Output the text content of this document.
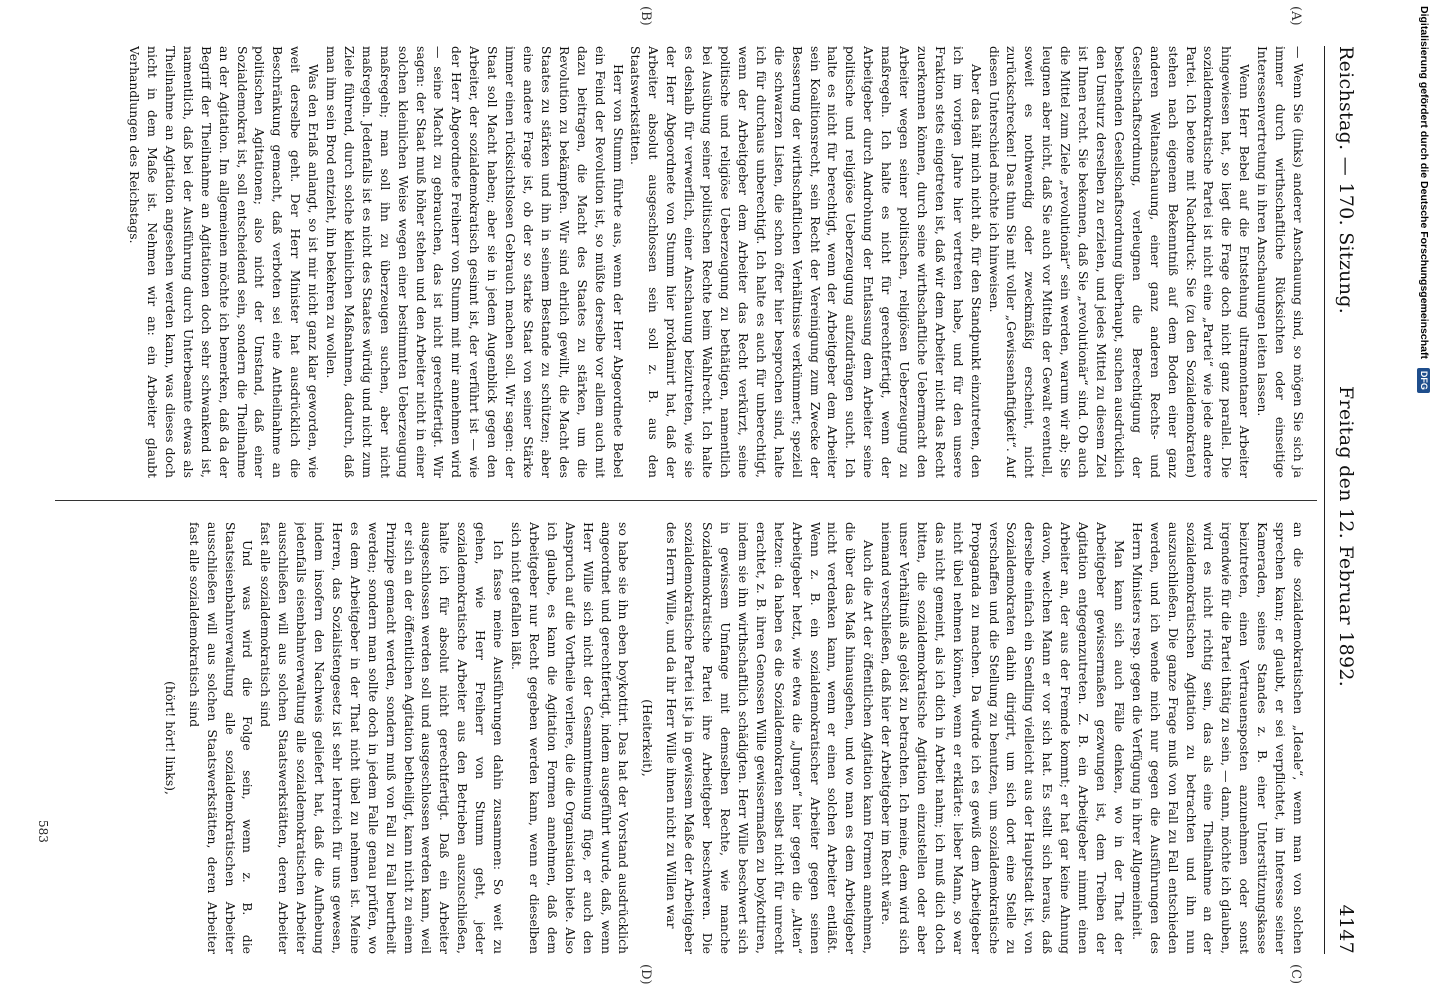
Reichstag. — 170. Sitzung.
Freitag den 12. Februar 1892.
4147
(A)
(B)
(C)
(D)

— Wenn Sie (links) anderer Anschauung sind, so mögen Sie sich ja immer durch wirthschaftliche Rücksichten oder einseitige Interessenvertretung in ihren Anschauungen leiten lassen.

Wenn Herr Bebel auf die Entstehung ultramontaner Arbeiter hingewiesen hat, so liegt die Frage doch nicht ganz parallel. Die sozialdemokratische Partei ist nicht eine „Partei“ wie jede andere Partei. Ich betone mit Nachdruck: Sie (zu den Sozialdemokraten) stehen nach eigenem Bekenntniß auf dem Boden einer ganz anderen Weltanschauung, einer ganz anderen Rechts- und Gesellschaftsordnung, verleugnen die Berechtigung der bestehenden Gesellschaftsordnung überhaupt, suchen ausdrücklich den Umsturz derselben zu erzielen, und jedes Mittel zu diesem Ziel ist Ihnen recht. Sie bekennen, daß Sie „revolutionär“ sind. Ob auch die Mittel zum Ziele „revolutionär“ sein werden, warum wir ab; Sie leugnen aber nicht, daß Sie auch vor Mitteln der Gewalt eventuell, soweit es nothwendig oder zweckmäßig erscheint, nicht zurückschrecken! Das thun Sie mit voller „Gewissenhaftigkeit“. Auf diesen Unterschied möchte ich hinweisen.

Aber das hält mich nicht ab, für den Standpunkt einzutreten, den ich im vorigen Jahre hier vertreten habe, und für den unsere Fraktion stets eingetreten ist, daß wir dem Arbeiter nicht das Recht zuerkennen können, durch seine wirthschaftliche Uebermacht den Arbeiter wegen seiner politischen, religiösen Ueberzeugung zu maßregeln. Ich halte es nicht für gerechtfertigt, wenn der Arbeitgeber durch Androhung der Entlassung dem Arbeiter seine politische und religiöse Ueberzeugung aufzudrängen sucht. Ich halte es nicht für berechtigt, wenn der Arbeitgeber dem Arbeiter sein Koalitionsrecht, sein Recht der Vereinigung zum Zwecke der Besserung der wirthschaftlichen Verhältnisse verkümmert; speziell die schwarzen Listen, die schon öfter hier besprochen sind, halte ich für durchaus unberechtigt. Ich halte es auch für unberechtigt, wenn der Arbeitgeber dem Arbeiter das Recht verkürzt, seine politische und religiöse Ueberzeugung zu bethätigen, namentlich bei Ausübung seiner politischen Rechte beim Wahlrecht. Ich halte es deshalb für verwerflich, einer Anschauung beizutreten, wie sie der Herr Abgeordnete von Stumm hier proklamirt hat, daß der Arbeiter absolut ausgeschlossen sein soll z. B. aus den Staatswerkstätten.

Herr von Stumm führte aus, wenn der Herr Abgeordnete Bebel ein Feind der Revolution ist, so müßte derselbe vor allem auch mit dazu beitragen, die Macht des Staates zu stärken, um die Revolution zu bekämpfen. Wir sind ehrlich gewillt, die Macht des Staates zu stärken und ihn in seinem Bestande zu schützen; aber eine andere Frage ist, ob der so starke Staat von seiner Stärke immer einen rücksichtslosen Gebrauch machen soll. Wir sagen: der Staat soll Macht haben; aber sie in jedem Augenblick gegen den Arbeiter, der sozialdemokratisch gesinnt ist, der verführt ist — wie der Herr Abgeordnete Freiherr von Stumm mit mir annehmen wird — seine Macht zu gebrauchen, das ist nicht gerechtfertigt. Wir sagen: der Staat muß höher stehen und den Arbeiter nicht in einer solchen kleinlichen Weise wegen einer bestimmten Ueberzeugung maßregeln; man soll ihn zu überzeugen suchen, aber nicht maßregeln. Jedenfalls ist es nicht des Staates würdig und nicht zum Ziele führend, durch solche kleinlichen Maßnahmen, dadurch, daß man ihm sein Brod entzieht, ihn bekehren zu wollen.

Was den Erlaß anlangt, so ist mir nicht ganz klar geworden, wie weit derselbe geht. Der Herr Minister hat ausdrücklich die Beschränkung gemacht, daß verboten sei eine Antheilnahme an politischen Agitationen; also nicht der Umstand, daß einer Sozialdemokrat ist, soll entscheidend sein, sondern die Theilnahme an der Agitation. Im allgemeinen möchte ich bemerken, daß da der Begriff der Theilnahme an Agitationen doch sehr schwankend ist, namentlich, daß bei der Ausführung durch Unterbeamte etwas als Theilnahme an Agitation angesehen werden kann, was dieses doch nicht in dem Maße ist. Nehmen wir an: ein Arbeiter glaubt Verhandlungen des Reichstags.

an die sozialdemokratischen „Ideale“, wenn man von solchen sprechen kann; er glaubt, er sei verpflichtet, im Interesse seiner Kameraden, seines Standes z. B. einer Unterstützungskasse beizutreten, einen Vertrauensposten anzunehmen oder sonst irgendwie für die Partei thätig zu sein, — dann, möchte ich glauben, wird es nicht richtig sein, das als eine Theilnahme an der sozialdemokratischen Agitation zu betrachten und ihn nun auszuschließen. Die ganze Frage muß von Fall zu Fall entschieden werden, und ich wende mich nur gegen die Ausführungen des Herrn Ministers resp. gegen die Verfügung in ihrer Allgemeinheit.

Man kann sich auch Fälle denken, wo in der That der Arbeitgeber gewissermaßen gezwungen ist, dem Treiben der Agitation entgegenzutreten. Z. B. ein Arbeitgeber nimmt einen Arbeiter an, der aus der Fremde kommt; er hat gar keine Ahnung davon, welchen Mann er vor sich hat. Es stellt sich heraus, daß derselbe einfach ein Sendling vielleicht aus der Hauptstadt ist, von Sozialdemokraten dahin dirigirt, um sich dort eine Stelle zu verschaffen und die Stellung zu benutzen, um sozialdemokratische Propaganda zu machen. Da würde ich es gewiß dem Arbeitgeber nicht übel nehmen können, wenn er erklärte: lieber Mann, so war das nicht gemeint, als ich dich in Arbeit nahm; ich muß dich doch bitten, die sozialdemokratische Agitation einzustellen oder aber unser Verhältniß als gelöst zu betrachten. Ich meine, dem wird sich niemand verschließen, daß hier der Arbeitgeber im Recht wäre.

Auch die Art der öffentlichen Agitation kann Formen annehmen, die über das Maß hinausgehen, und wo man es dem Arbeitgeber nicht verdenken kann, wenn er einen solchen Arbeiter entläßt. Wenn z. B. ein sozialdemokratischer Arbeiter gegen seinen Arbeitgeber hetzt, wie etwa die „Jungen“ hier gegen die „Alten“ hetzen: da haben es die Sozialdemokraten selbst nicht für unrecht erachtet, z. B. ihren Genossen Wille gewissermaßen zu boykottiren, indem sie ihn wirthschaftlich schädigten. Herr Wille beschwert sich in gewissem Umfange mit demselben Rechte, wie manche Sozialdemokratische Partei ihre Arbeitgeber beschweren. Die sozialdemokratische Partei ist ja in gewissem Maße der Arbeitgeber des Herrn Wille, und da ihr Herr Wille ihnen nicht zu Willen war

(Heiterkeit),

so habe sie ihn eben boykottirt. Das hat der Vorstand ausdrücklich angeordnet und gerechtfertigt, indem ausgeführt wurde, daß, wenn Herr Wille sich nicht der Gesammtmeinung füge, er auch den Anspruch auf die Vortheile verliere, die die Organisation biete. Also ich glaube, es kann die Agitation Formen annehmen, daß dem Arbeitgeber nur Recht gegeben werden kann, wenn er dieselben sich nicht gefallen läßt.

Ich fasse meine Ausführungen dahin zusammen: So weit zu gehen, wie Herr Freiherr von Stumm geht, jeder sozialdemokratische Arbeiter aus den Betrieben auszuschließen, halte ich für absolut nicht gerechtfertigt. Daß ein Arbeiter ausgeschlossen werden soll und ausgeschlossen werden kann, weil er sich an der öffentlichen Agitation betheiligt, kann nicht zu einem Prinzipe gemacht werden, sondern muß von Fall zu Fall beurtheilt werden; sondern man sollte doch in jedem Falle genau prüfen, wo es dem Arbeitgeber in der That nicht übel zu nehmen ist. Meine Herren, das Sozialistengesetz ist sehr lehrreich für uns gewesen, indem insofern den Nachweis geliefert hat, daß die Aufhebung jedenfalls eisenbahnverwaltung alle sozialdemokratischen Arbeiter ausschließen will aus solchen Staatswerkstätten, deren Arbeiter fast alle sozialdemokratisch sind

Und was wird die Folge sein, wenn z. B. die Staatseisenbahnverwaltung alle sozialdemokratischen Arbeiter ausschließen will aus solchen Staatswerkstätten, deren Arbeiter fast alle sozialdemokratisch sind

(hört! hört! links),

583
Digitalisierung gefördert durch die Deutsche Forschungsgemeinschaft DFG
